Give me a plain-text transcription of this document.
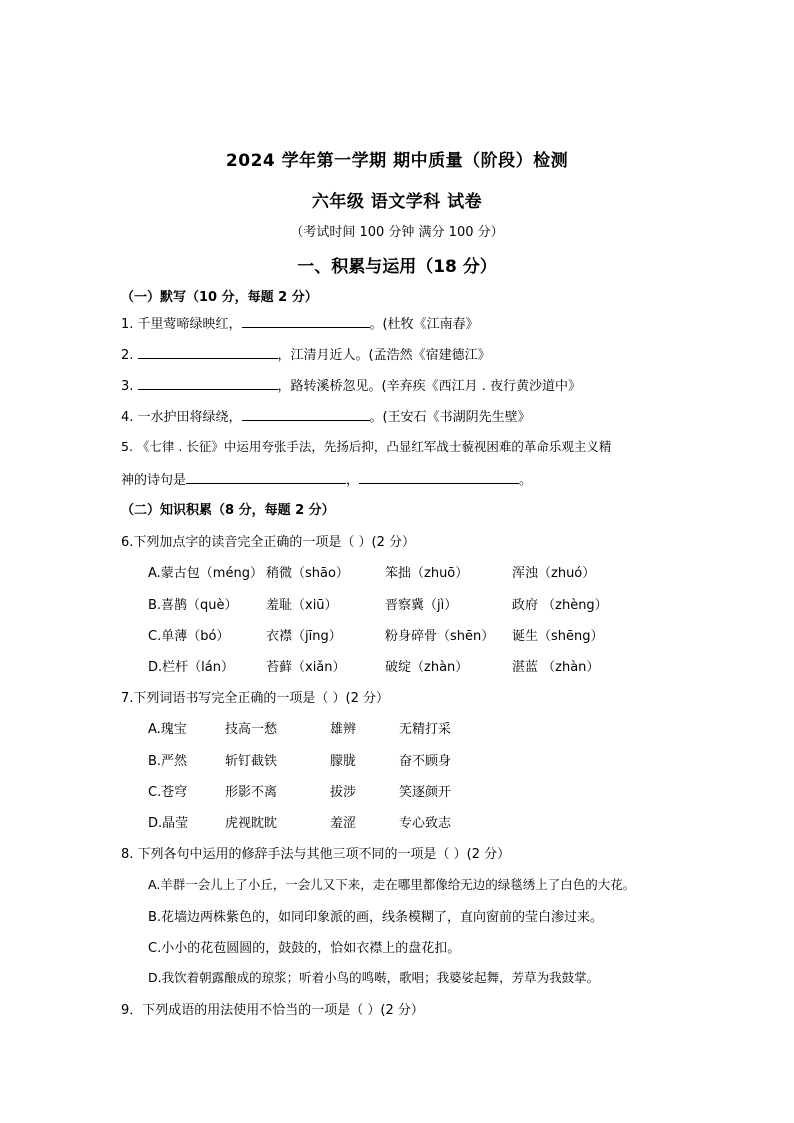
2024 学年第一学期 期中质量（阶段）检测
六年级 语文学科 试卷
（考试时间 100 分钟 满分 100 分）
一、积累与运用（18 分）
（一）默写（10 分，每题 2 分）
1. 千里莺啼绿映红，	。(杜牧《江南春》
2.	，江清月近人。(孟浩然《宿建德江》
3.	，路转溪桥忽见。(辛弃疾《西江月 . 夜行黄沙道中》
4. 一水护田将绿绕，	。(王安石《书湖阴先生壁》
5. 《七律 . 长征》中运用夸张手法，先扬后抑，凸显红军战士藐视困难的革命乐观主义精
神的诗句是	，	。
（二）知识积累（8 分，每题 2 分）
6.下列加点字的读音完全正确的一项是（ ）(2 分）
A.蒙古包（méng） 稍微（shāo）	笨拙（zhuō）	浑浊（zhuó）
B.喜鹊（què） 羞耻（xiū）	晋察冀（jì）	政府 （zhèng）
C.单薄（bó）	衣襟（jīng）	粉身碎骨（shēn） 诞生（shēng）
D.栏杆（lán） 苔藓（xiǎn）	破绽（zhàn）	湛蓝 （zhàn）
7.下列词语书写完全正确的一项是（ ）(2 分）
A.瑰宝	技高一愁	雄辨	无精打采
B.严然	斩钉截铁	朦胧	奋不顾身
C.苍穹	形影不离	拔涉	笑逐颜开
D.晶莹	虎视眈眈	羞涩	专心致志
8. 下列各句中运用的修辞手法与其他三项不同的一项是（ ）(2 分）
A.羊群一会儿上了小丘，一会儿又下来，走在哪里都像给无边的绿毯绣上了白色的大花。
B.花墙边两株紫色的，如同印象派的画，线条模糊了，直向窗前的莹白渗过来。
C.小小的花苞圆圆的，鼓鼓的，恰如衣襟上的盘花扣。
D.我饮着朝露酿成的琼浆；听着小鸟的鸣啭，歌唱；我婆娑起舞，芳草为我鼓掌。
9．下列成语的用法使用不恰当的一项是（ ）(2 分）
